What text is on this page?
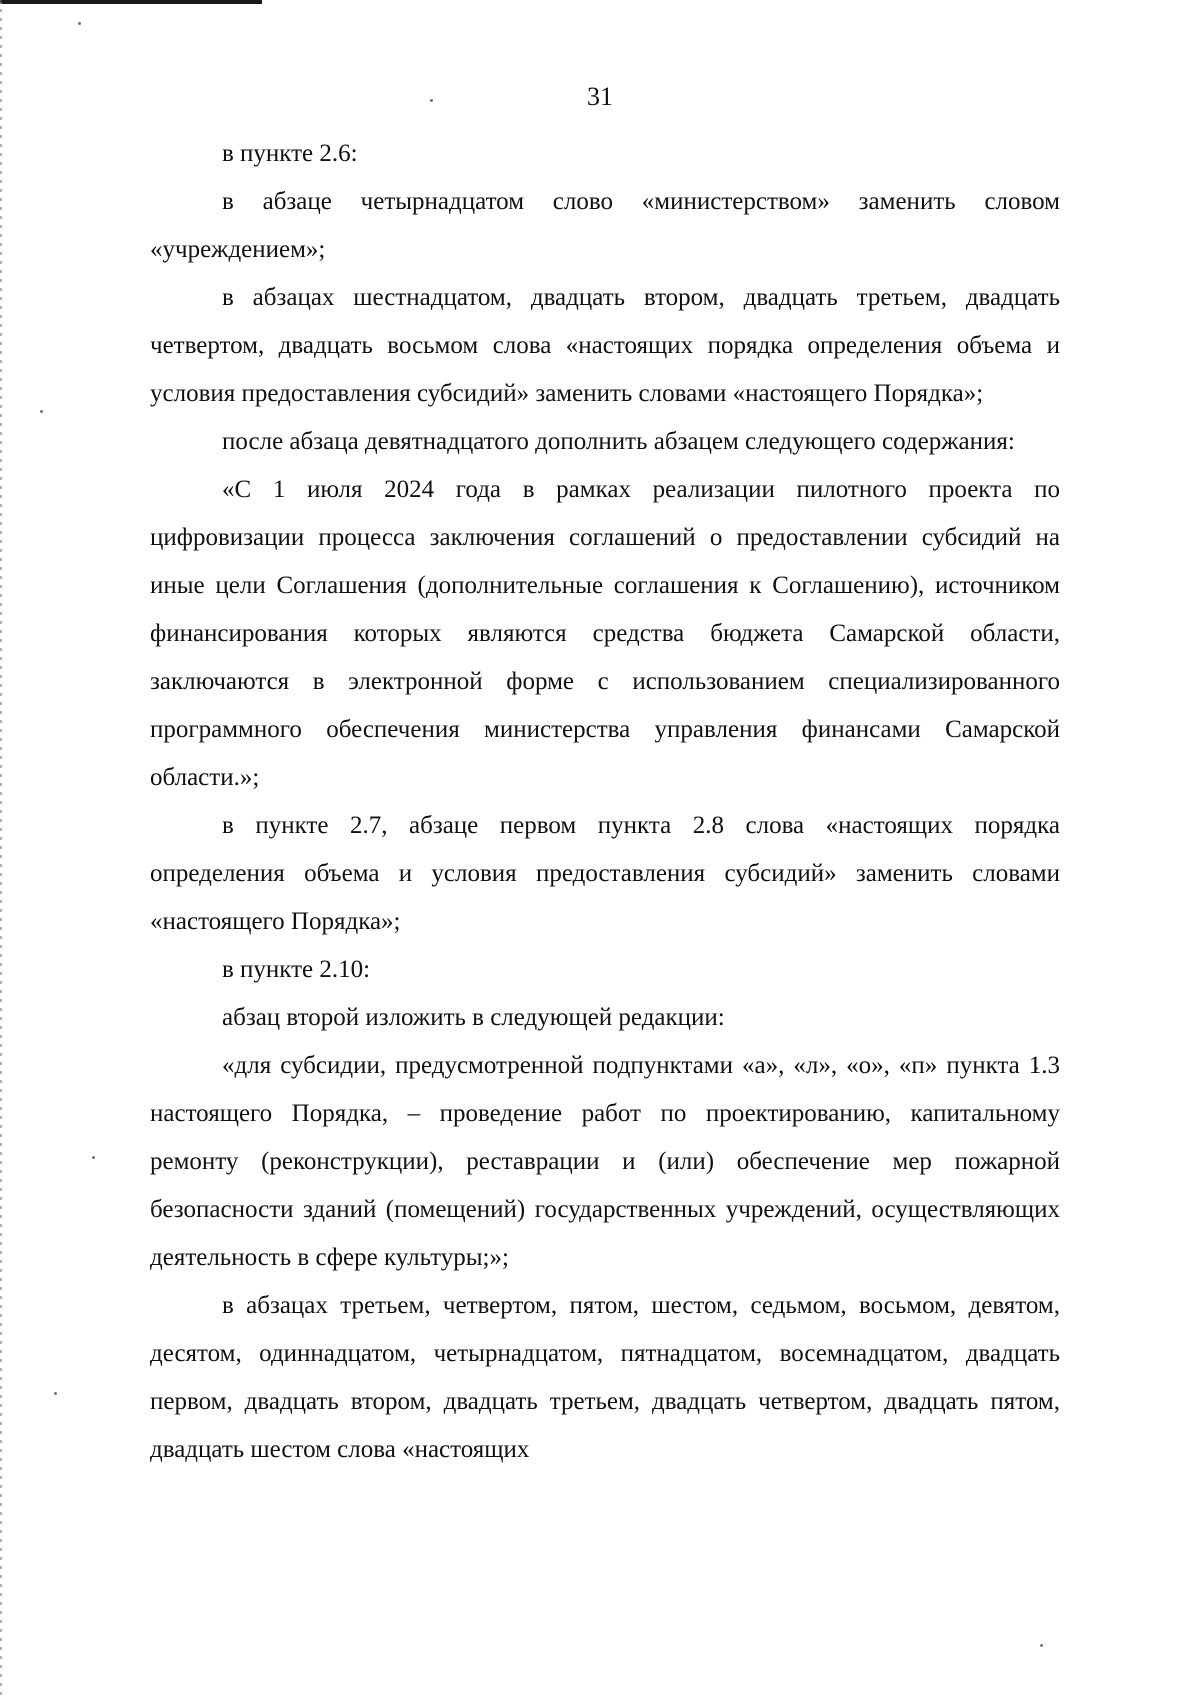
31

в пункте 2.6:

в абзаце четырнадцатом слово «министерством» заменить словом «учреждением»;

в абзацах шестнадцатом, двадцать втором, двадцать третьем, двадцать четвертом, двадцать восьмом слова «настоящих порядка определения объема и условия предоставления субсидий» заменить словами «настоящего Порядка»;

после абзаца девятнадцатого дополнить абзацем следующего содержания:

«С 1 июля 2024 года в рамках реализации пилотного проекта по цифровизации процесса заключения соглашений о предоставлении субсидий на иные цели Соглашения (дополнительные соглашения к Соглашению), источником финансирования которых являются средства бюджета Самарской области, заключаются в электронной форме с использованием специализированного программного обеспечения министерства управления финансами Самарской области.»;

в пункте 2.7, абзаце первом пункта 2.8 слова «настоящих порядка определения объема и условия предоставления субсидий» заменить словами «настоящего Порядка»;

в пункте 2.10:

абзац второй изложить в следующей редакции:

«для субсидии, предусмотренной подпунктами «а», «л», «о», «п» пункта 1.3 настоящего Порядка, – проведение работ по проектированию, капитальному ремонту (реконструкции), реставрации и (или) обеспечение мер пожарной безопасности зданий (помещений) государственных учреждений, осуществляющих деятельность в сфере культуры;»;

в абзацах третьем, четвертом, пятом, шестом, седьмом, восьмом, девятом, десятом, одиннадцатом, четырнадцатом, пятнадцатом, восемнадцатом, двадцать первом, двадцать втором, двадцать третьем, двадцать четвертом, двадцать пятом, двадцать шестом слова «настоящих
